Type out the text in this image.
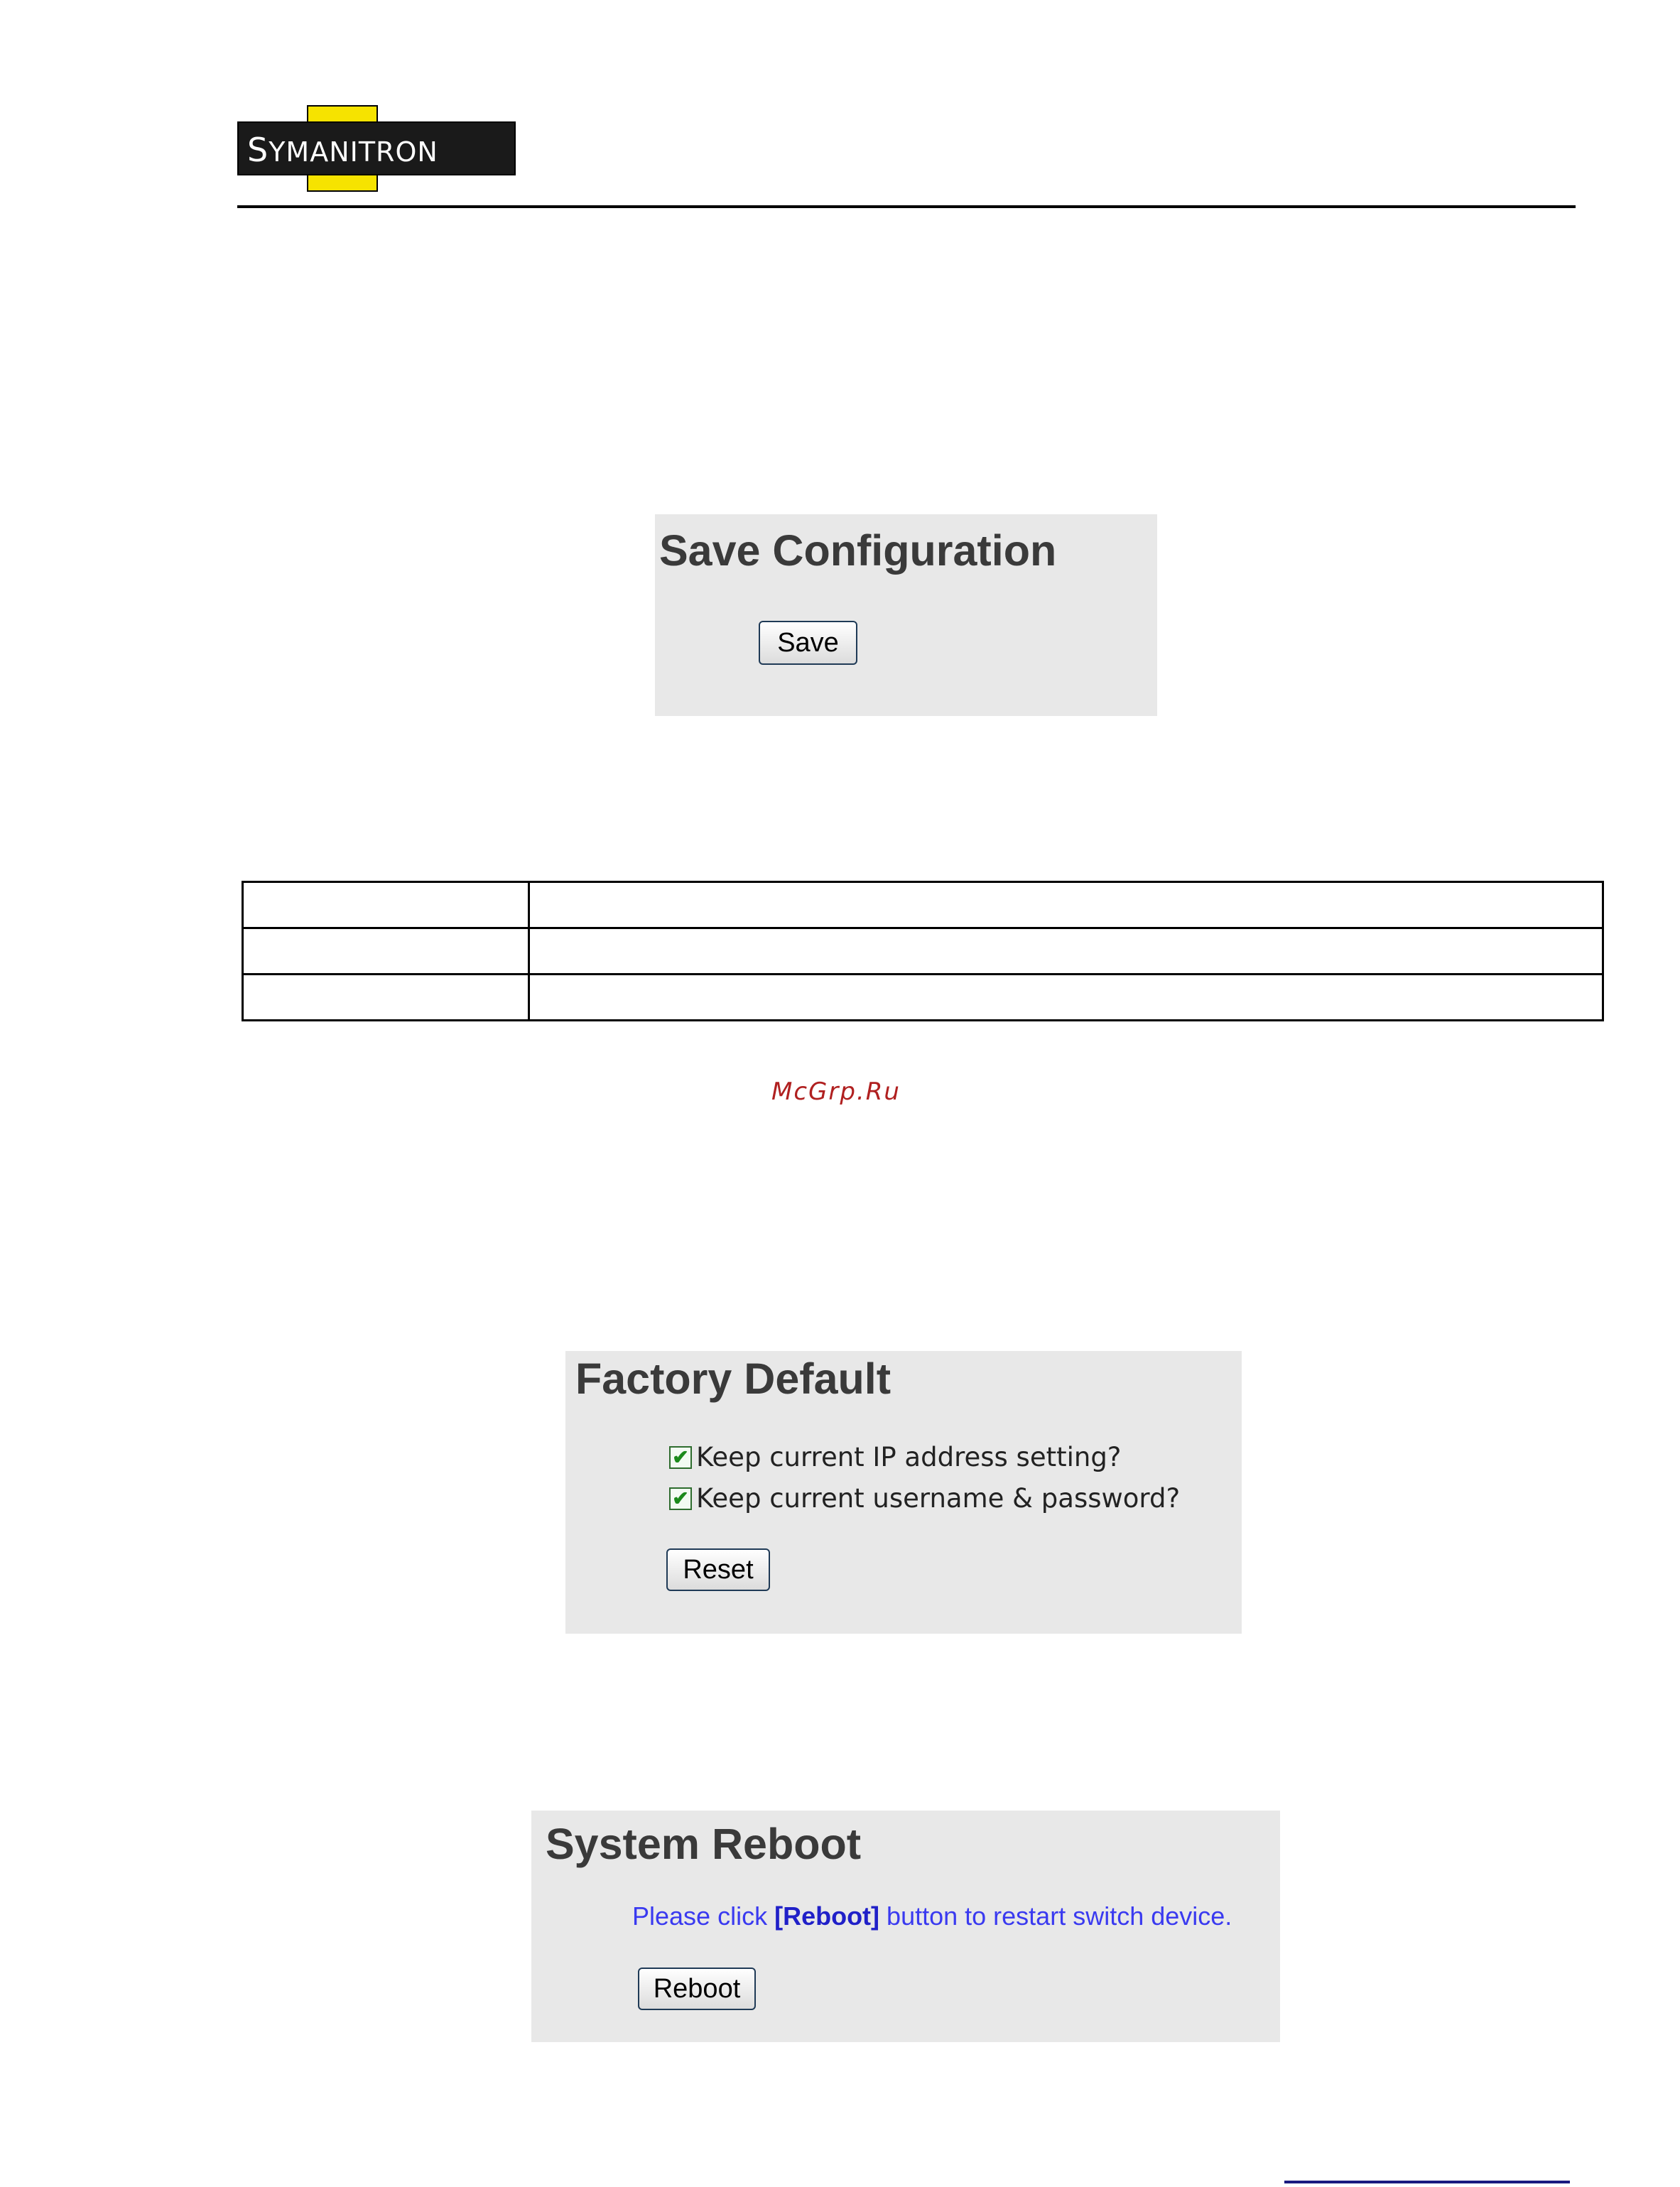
SYMANITRON
Save Configuration
Save

McGrp.Ru
Factory Default
✔ Keep current IP address setting?
✔ Keep current username & password?
Reset
System Reboot
Please click [Reboot] button to restart switch device.
Reboot
